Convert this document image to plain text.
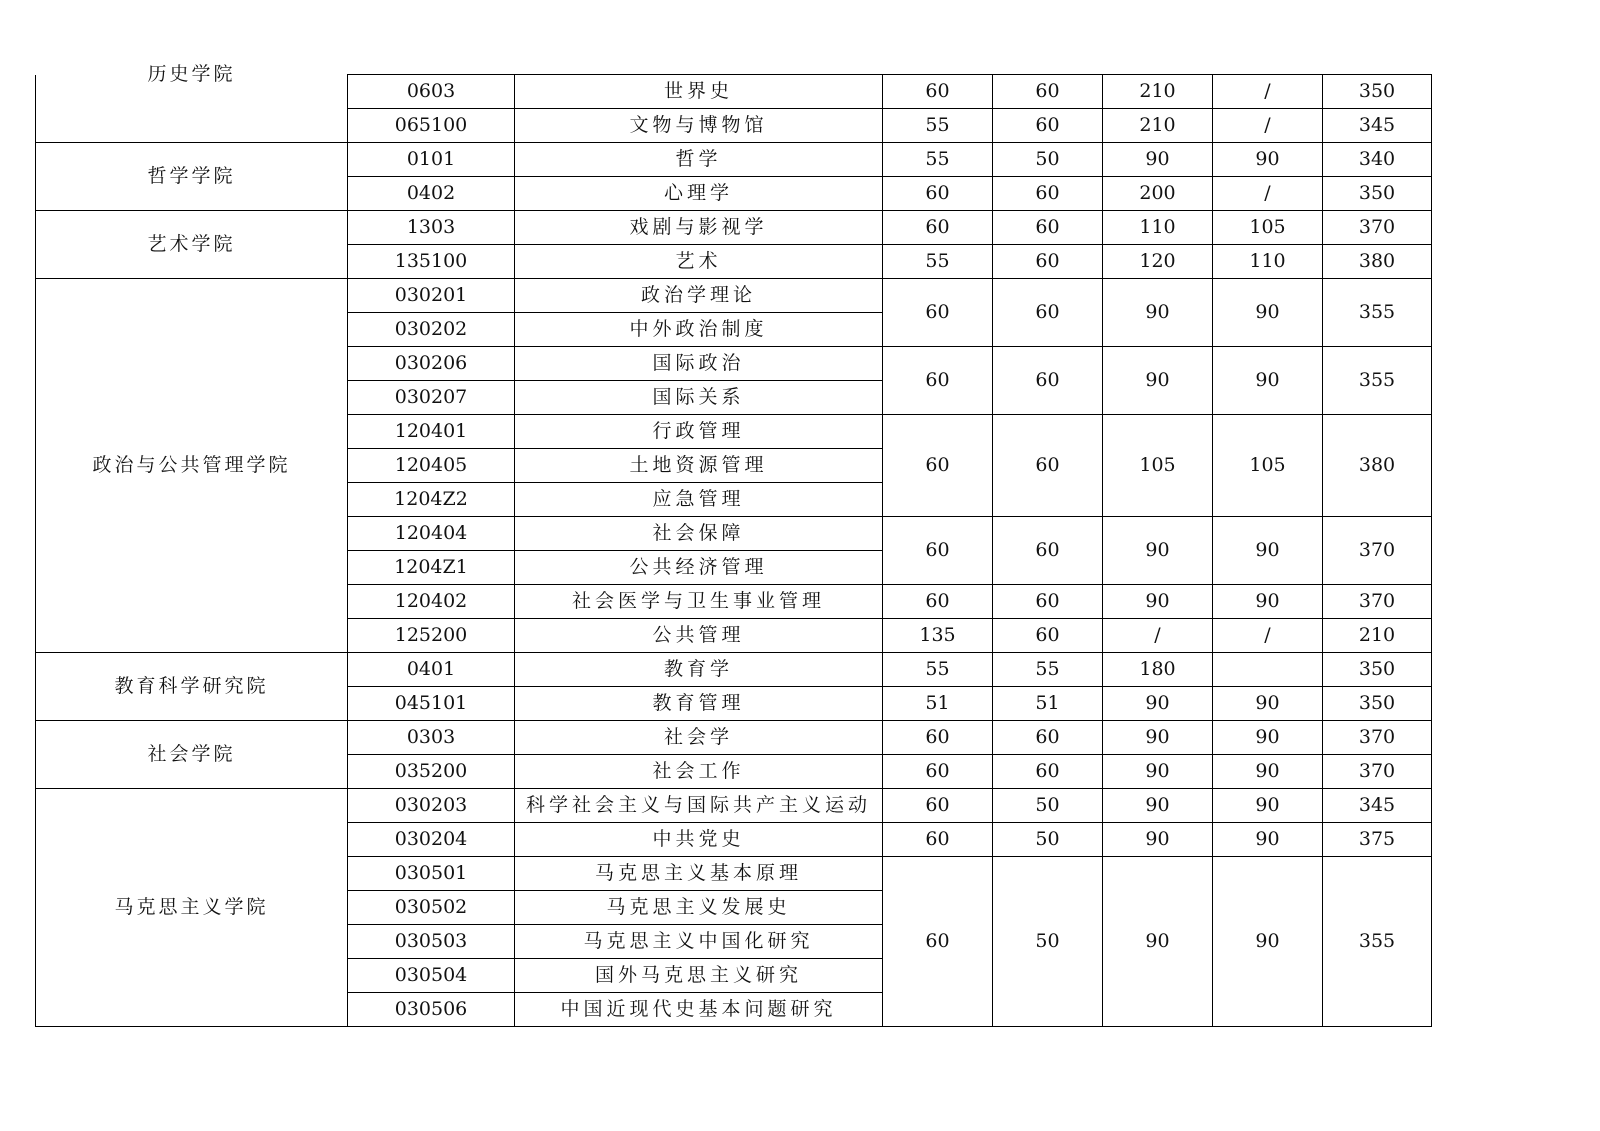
历史学院	0603	世界史	60	60	210	/	350
	065100	文物与博物馆	55	60	210	/	345
哲学学院	0101	哲学	55	50	90	90	340
	0402	心理学	60	60	200	/	350
艺术学院	1303	戏剧与影视学	60	60	110	105	370
	135100	艺术	55	60	120	110	380
政治与公共管理学院	030201	政治学理论	60	60	90	90	355
	030202	中外政治制度					
	030206	国际政治	60	60	90	90	355
	030207	国际关系					
	120401	行政管理	60	60	105	105	380
	120405	土地资源管理					
	1204Z2	应急管理					
	120404	社会保障	60	60	90	90	370
	1204Z1	公共经济管理					
	120402	社会医学与卫生事业管理	60	60	90	90	370
	125200	公共管理	135	60	/	/	210
教育科学研究院	0401	教育学	55	55	180		350
	045101	教育管理	51	51	90	90	350
社会学院	0303	社会学	60	60	90	90	370
	035200	社会工作	60	60	90	90	370
马克思主义学院	030203	科学社会主义与国际共产主义运动	60	50	90	90	345
	030204	中共党史	60	50	90	90	375
	030501	马克思主义基本原理	60	50	90	90	355
	030502	马克思主义发展史					
	030503	马克思主义中国化研究					
	030504	国外马克思主义研究					
	030506	中国近现代史基本问题研究					
